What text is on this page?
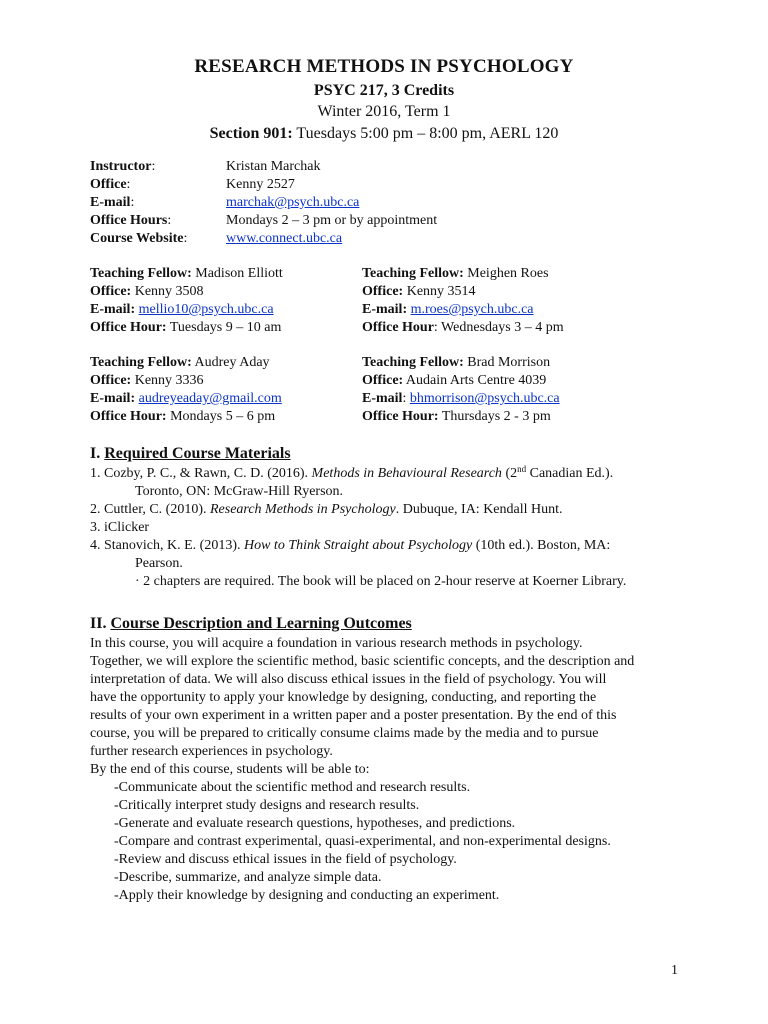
RESEARCH METHODS IN PSYCHOLOGY
PSYC 217, 3 Credits
Winter 2016, Term 1
Section 901: Tuesdays 5:00 pm – 8:00 pm, AERL 120
Instructor:	Kristan Marchak
Office:	Kenny 2527
E-mail:	marchak@psych.ubc.ca
Office Hours:	Mondays 2 – 3 pm or by appointment
Course Website:	www.connect.ubc.ca
Teaching Fellow: Madison Elliott
Office: Kenny 3508
E-mail: mellio10@psych.ubc.ca
Office Hour: Tuesdays 9 – 10 am
Teaching Fellow: Meighen Roes
Office: Kenny 3514
E-mail: m.roes@psych.ubc.ca
Office Hour: Wednesdays 3 – 4 pm
Teaching Fellow: Audrey Aday
Office: Kenny 3336
E-mail: audreyeaday@gmail.com
Office Hour: Mondays 5 – 6 pm
Teaching Fellow: Brad Morrison
Office: Audain Arts Centre 4039
E-mail: bhmorrison@psych.ubc.ca
Office Hour: Thursdays 2 - 3 pm
I. Required Course Materials
1. Cozby, P. C., & Rawn, C. D. (2016). Methods in Behavioural Research (2nd Canadian Ed.).
Toronto, ON: McGraw-Hill Ryerson.
2. Cuttler, C. (2010). Research Methods in Psychology. Dubuque, IA: Kendall Hunt.
3. iClicker
4. Stanovich, K. E. (2013). How to Think Straight about Psychology (10th ed.). Boston, MA:
Pearson.
· 2 chapters are required. The book will be placed on 2-hour reserve at Koerner Library.
II. Course Description and Learning Outcomes
In this course, you will acquire a foundation in various research methods in psychology.
Together, we will explore the scientific method, basic scientific concepts, and the description and
interpretation of data. We will also discuss ethical issues in the field of psychology. You will
have the opportunity to apply your knowledge by designing, conducting, and reporting the
results of your own experiment in a written paper and a poster presentation. By the end of this
course, you will be prepared to critically consume claims made by the media and to pursue
further research experiences in psychology.
By the end of this course, students will be able to:
-Communicate about the scientific method and research results.
-Critically interpret study designs and research results.
-Generate and evaluate research questions, hypotheses, and predictions.
-Compare and contrast experimental, quasi-experimental, and non-experimental designs.
-Review and discuss ethical issues in the field of psychology.
-Describe, summarize, and analyze simple data.
-Apply their knowledge by designing and conducting an experiment.
1
